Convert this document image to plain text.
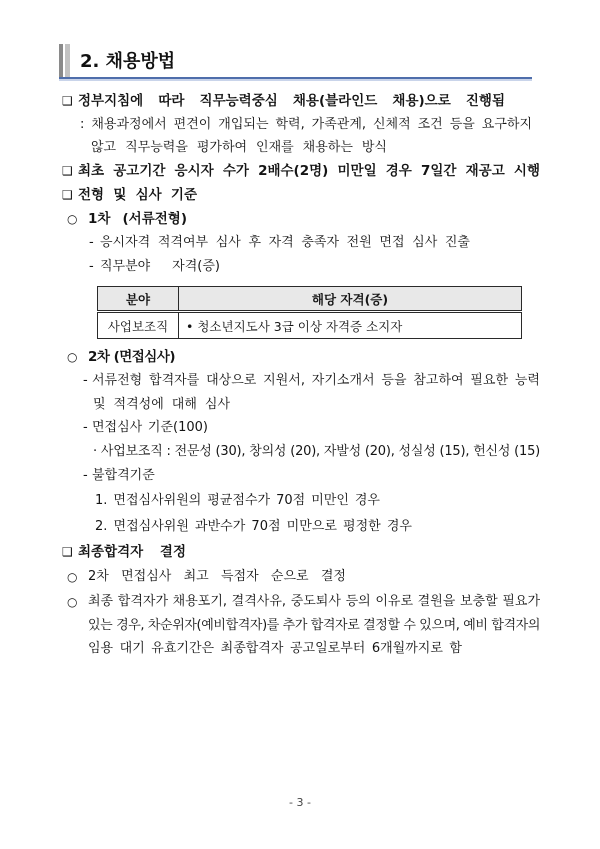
2. 채용방법
❑ 정부지침에 따라 직무능력중심 채용(블라인드 채용)으로 진행됨
: 채용과정에서 편견이 개입되는 학력, 가족관계, 신체적 조건 등을 요구하지
않고 직무능력을 평가하여 인재를 채용하는 방식
❑ 최초 공고기간 응시자 수가 2배수(2명) 미만일 경우 7일간 재공고 시행
❑ 전형 및 심사 기준
○ 1차 (서류전형)
- 응시자격 적격여부 심사 후 자격 충족자 전원 면접 심사 진출
- 직무분야 자격(증)
분야	해당 자격(증)
사업보조직	• 청소년지도사 3급 이상 자격증 소지자
○ 2차 (면접심사)
- 서류전형 합격자를 대상으로 지원서, 자기소개서 등을 참고하여 필요한 능력
및 적격성에 대해 심사
- 면접심사 기준(100)
· 사업보조직 : 전문성 (30), 창의성 (20), 자발성 (20), 성실성 (15), 헌신성 (15)
- 불합격기준
1. 면접심사위원의 평균점수가 70점 미만인 경우
2. 면접심사위원 과반수가 70점 미만으로 평정한 경우
❑ 최종합격자 결정
○ 2차 면접심사 최고 득점자 순으로 결정
○ 최종 합격자가 채용포기, 결격사유, 중도퇴사 등의 이유로 결원을 보충할 필요가
있는 경우, 차순위자(예비합격자)를 추가 합격자로 결정할 수 있으며, 예비 합격자의
임용 대기 유효기간은 최종합격자 공고일로부터 6개월까지로 함
- 3 -
